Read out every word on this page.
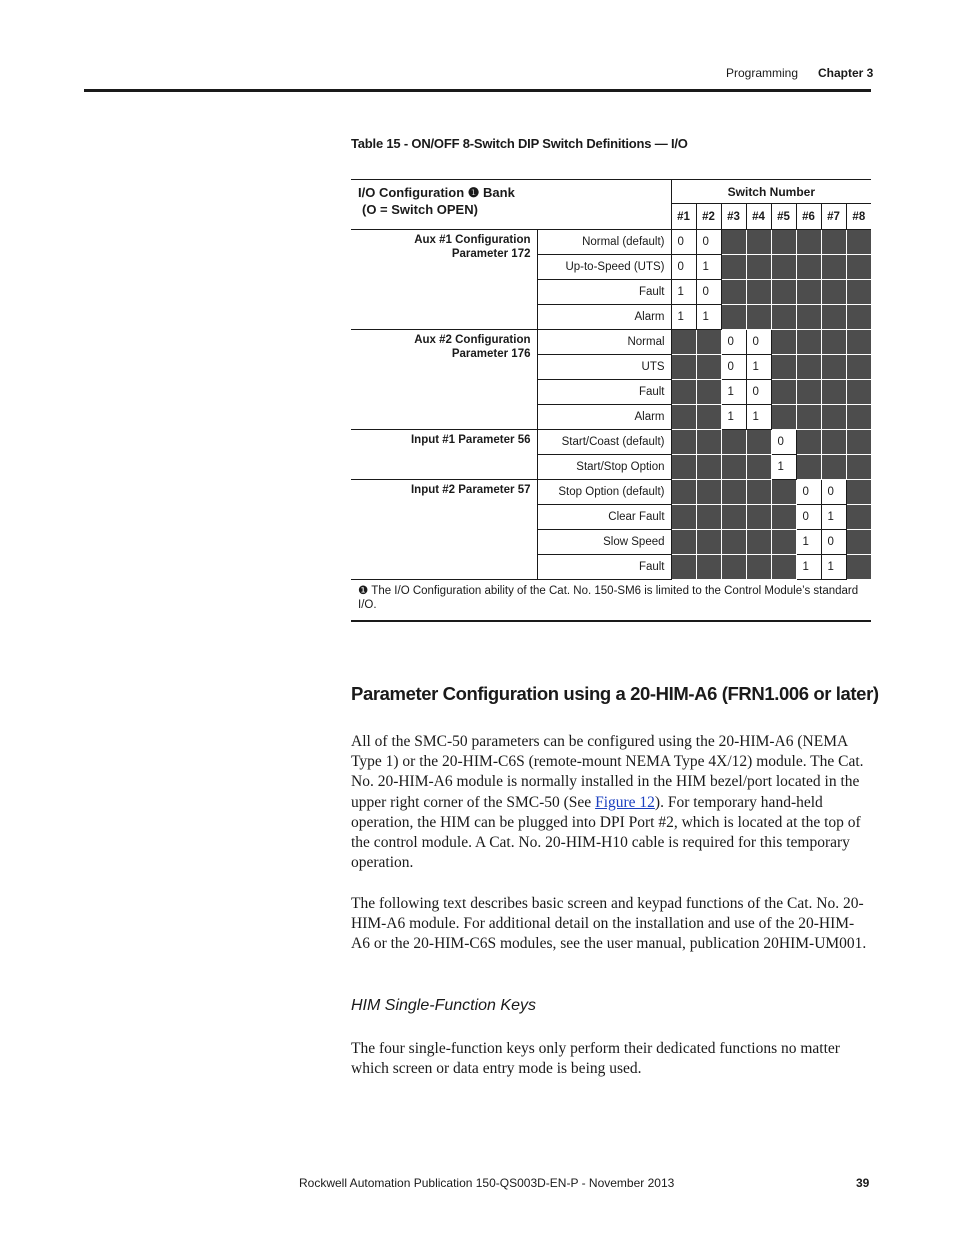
Programming Chapter 3
Table 15 - ON/OFF 8-Switch DIP Switch Definitions — I/O
I/O Configuration ❶ Bank
(O = Switch OPEN)		Switch Number							
		#1	#2	#3	#4	#5	#6	#7	#8
Aux #1 Configuration
Parameter 172	Normal (default)	0	0						
	Up-to-Speed (UTS)	0	1						
	Fault	1	0						
	Alarm	1	1						
Aux #2 Configuration
Parameter 176	Normal			0	0				
	UTS			0	1				
	Fault			1	0				
	Alarm			1	1				
Input #1 Parameter 56	Start/Coast (default)					0			
	Start/Stop Option					1			
Input #2 Parameter 57	Stop Option (default)						0	0	
	Clear Fault						0	1	
	Slow Speed						1	0	
	Fault						1	1	
❶ The I/O Configuration ability of the Cat. No. 150-SM6 is limited to the Control Module’s standard I/O.									
Parameter Configuration using a 20-HIM-A6 (FRN1.006 or later)

All of the SMC-50 parameters can be configured using the 20-HIM-A6 (NEMA Type 1) or the 20-HIM-C6S (remote-mount NEMA Type 4X/12) module. The Cat. No. 20-HIM-A6 module is normally installed in the HIM bezel/port located in the upper right corner of the SMC-50 (See Figure 12). For temporary hand-held operation, the HIM can be plugged into DPI Port #2, which is located at the top of the control module. A Cat. No. 20-HIM-H10 cable is required for this temporary operation.

The following text describes basic screen and keypad functions of the Cat. No. 20-HIM-A6 module. For additional detail on the installation and use of the 20-HIM-A6 or the 20-HIM-C6S modules, see the user manual, publication 20HIM-UM001.

HIM Single-Function Keys

The four single-function keys only perform their dedicated functions no matter which screen or data entry mode is being used.

Rockwell Automation Publication 150-QS003D-EN-P - November 2013	39
